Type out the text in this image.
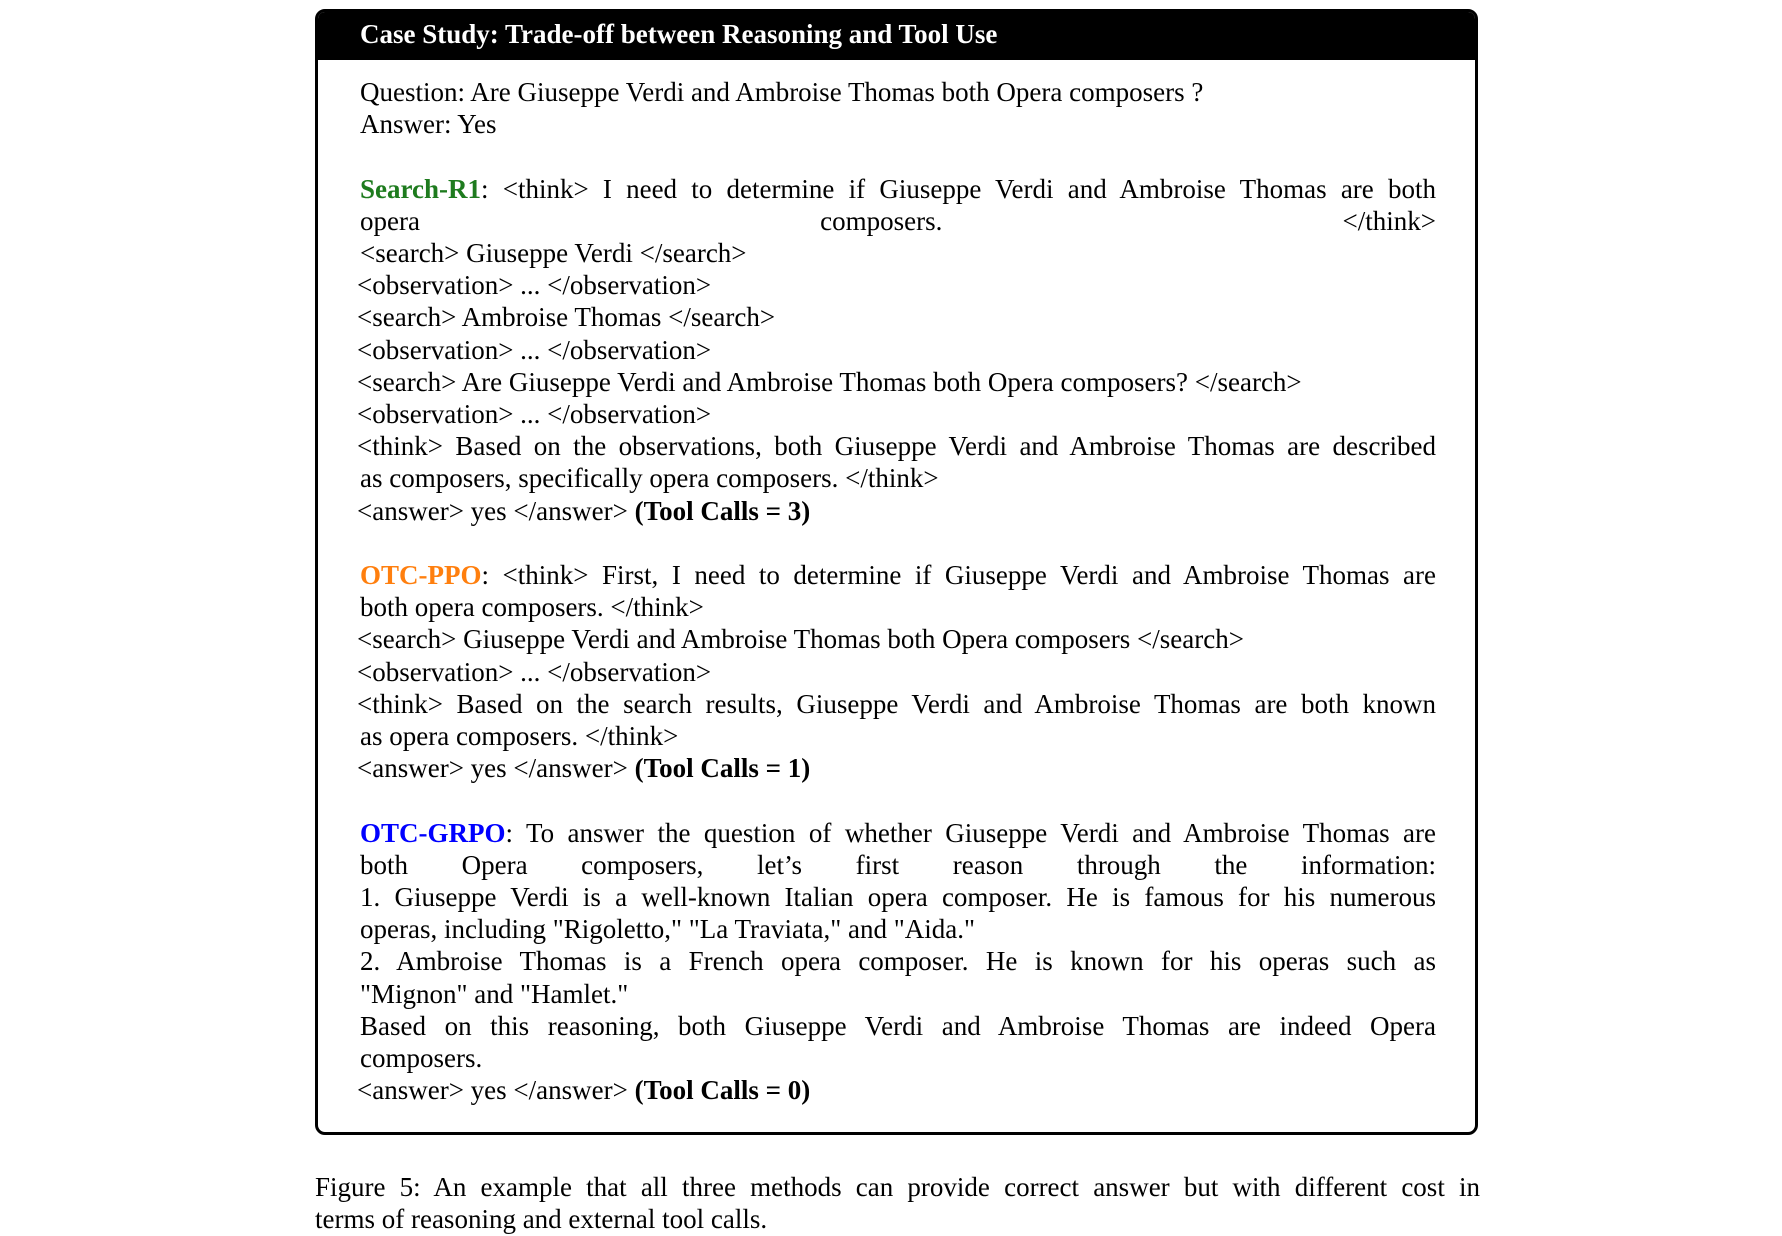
Case Study: Trade-off between Reasoning and Tool Use
Question: Are Giuseppe Verdi and Ambroise Thomas both Opera composers ?
Answer: Yes
Search-R1: <think> I need to determine if Giuseppe Verdi and Ambroise Thomas are both
opera composers. </think>
<search> Giuseppe Verdi </search>
<observation> ... </observation>
<search> Ambroise Thomas </search>
<observation> ... </observation>
<search> Are Giuseppe Verdi and Ambroise Thomas both Opera composers? </search>
<observation> ... </observation>
<think> Based on the observations, both Giuseppe Verdi and Ambroise Thomas are described
as composers, specifically opera composers. </think>
<answer> yes </answer> (Tool Calls = 3)
OTC-PPO: <think> First, I need to determine if Giuseppe Verdi and Ambroise Thomas are
both opera composers. </think>
<search> Giuseppe Verdi and Ambroise Thomas both Opera composers </search>
<observation> ... </observation>
<think> Based on the search results, Giuseppe Verdi and Ambroise Thomas are both known
as opera composers. </think>
<answer> yes </answer> (Tool Calls = 1)
OTC-GRPO: To answer the question of whether Giuseppe Verdi and Ambroise Thomas are
both Opera composers, let’s first reason through the information:
1. Giuseppe Verdi is a well-known Italian opera composer. He is famous for his numerous
operas, including "Rigoletto," "La Traviata," and "Aida."
2. Ambroise Thomas is a French opera composer. He is known for his operas such as
"Mignon" and "Hamlet."
Based on this reasoning, both Giuseppe Verdi and Ambroise Thomas are indeed Opera
composers.
<answer> yes </answer> (Tool Calls = 0)
Figure 5: An example that all three methods can provide correct answer but with different cost in
terms of reasoning and external tool calls.
